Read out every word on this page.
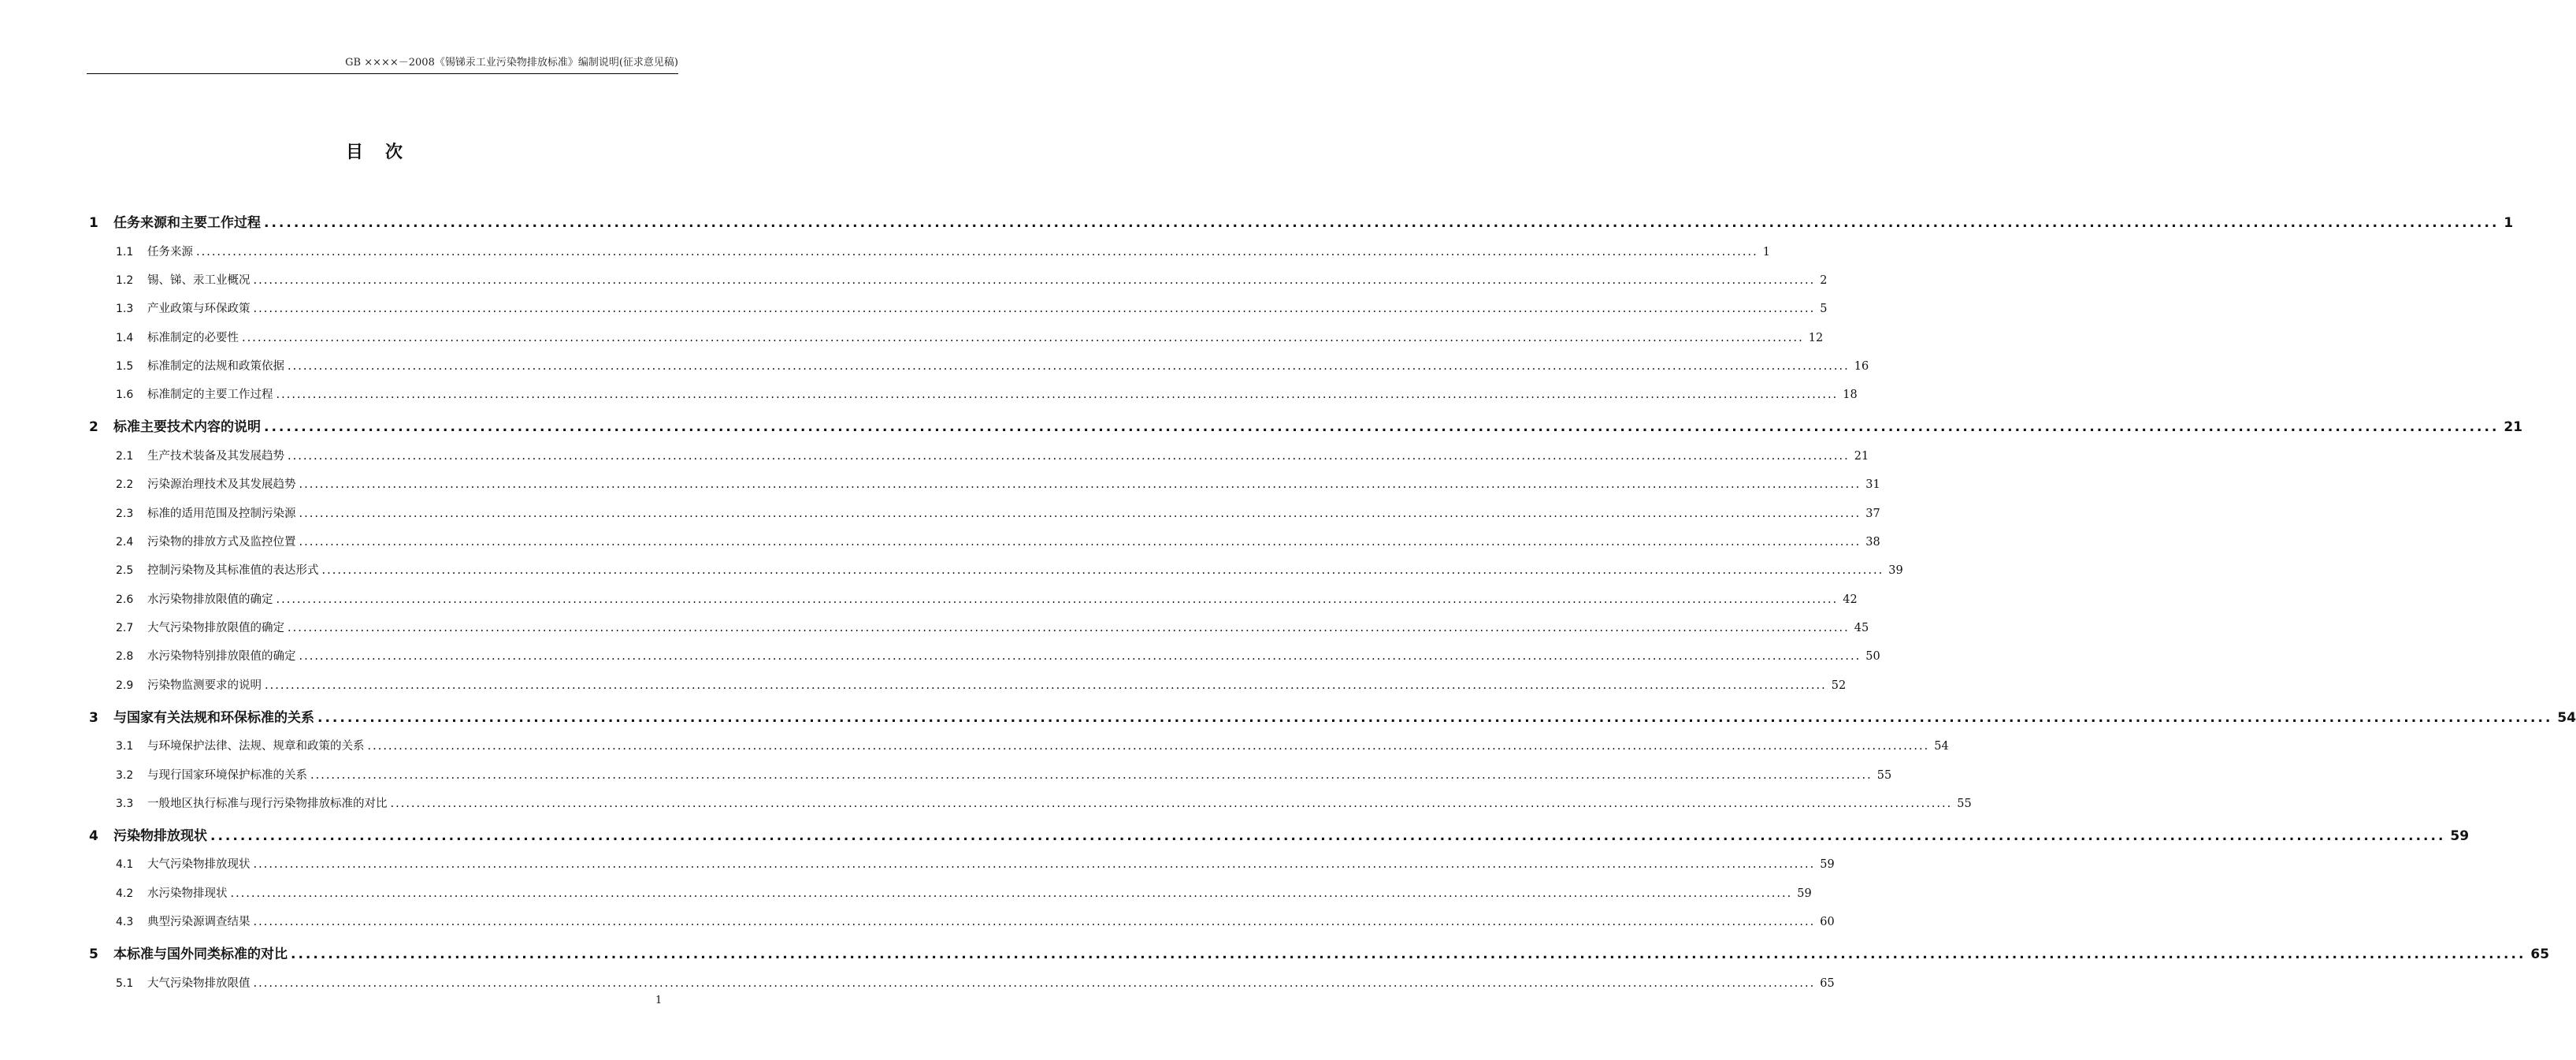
GB ××××－2008《锡锑汞工业污染物排放标准》编制说明(征求意见稿)
目次
1	任务来源和主要工作过程 ............................................................................................................................................................................................................................................................................................................ 1
1.1	任务来源 ............................................................................................................................................................................................................................................................................................................ 1
1.2	锡、锑、汞工业概况 ............................................................................................................................................................................................................................................................................................................ 2
1.3	产业政策与环保政策 ............................................................................................................................................................................................................................................................................................................ 5
1.4	标准制定的必要性 ............................................................................................................................................................................................................................................................................................................ 12
1.5	标准制定的法规和政策依据 ............................................................................................................................................................................................................................................................................................................ 16
1.6	标准制定的主要工作过程 ............................................................................................................................................................................................................................................................................................................ 18
2	标准主要技术内容的说明 ............................................................................................................................................................................................................................................................................................................ 21
2.1	生产技术装备及其发展趋势 ............................................................................................................................................................................................................................................................................................................ 21
2.2	污染源治理技术及其发展趋势 ............................................................................................................................................................................................................................................................................................................ 31
2.3	标准的适用范围及控制污染源 ............................................................................................................................................................................................................................................................................................................ 37
2.4	污染物的排放方式及监控位置 ............................................................................................................................................................................................................................................................................................................ 38
2.5	控制污染物及其标准值的表达形式 ............................................................................................................................................................................................................................................................................................................ 39
2.6	水污染物排放限值的确定 ............................................................................................................................................................................................................................................................................................................ 42
2.7	大气污染物排放限值的确定 ............................................................................................................................................................................................................................................................................................................ 45
2.8	水污染物特别排放限值的确定 ............................................................................................................................................................................................................................................................................................................ 50
2.9	污染物监测要求的说明 ............................................................................................................................................................................................................................................................................................................ 52
3	与国家有关法规和环保标准的关系 ............................................................................................................................................................................................................................................................................................................ 54
3.1	与环境保护法律、法规、规章和政策的关系 ............................................................................................................................................................................................................................................................................................................ 54
3.2	与现行国家环境保护标准的关系 ............................................................................................................................................................................................................................................................................................................ 55
3.3	一般地区执行标准与现行污染物排放标准的对比 ............................................................................................................................................................................................................................................................................................................ 55
4	污染物排放现状 ............................................................................................................................................................................................................................................................................................................ 59
4.1	大气污染物排放现状 ............................................................................................................................................................................................................................................................................................................ 59
4.2	水污染物排现状 ............................................................................................................................................................................................................................................................................................................ 59
4.3	典型污染源调查结果 ............................................................................................................................................................................................................................................................................................................ 60
5	本标准与国外同类标准的对比 ............................................................................................................................................................................................................................................................................................................ 65
5.1	大气污染物排放限值 ............................................................................................................................................................................................................................................................................................................ 65
1
